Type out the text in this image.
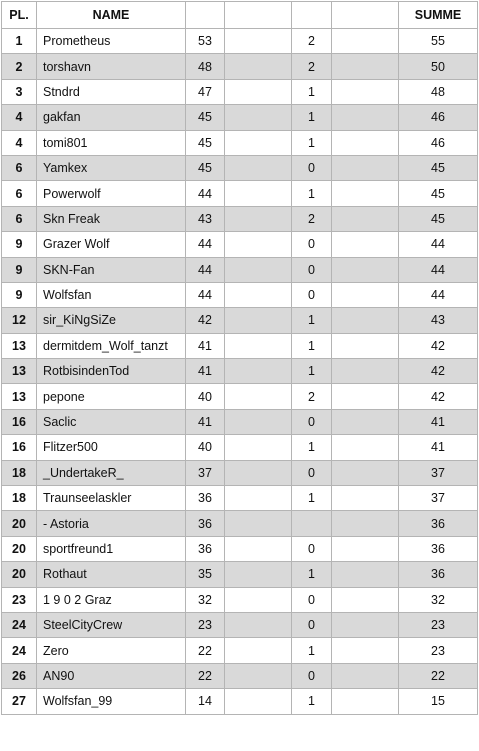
PL.	NAME					SUMME
1	Prometheus	53		2		55
2	torshavn	48		2		50
3	Stndrd	47		1		48
4	gakfan	45		1		46
4	tomi801	45		1		46
6	Yamkex	45		0		45
6	Powerwolf	44		1		45
6	Skn Freak	43		2		45
9	Grazer Wolf	44		0		44
9	SKN-Fan	44		0		44
9	Wolfsfan	44		0		44
12	sir_KiNgSiZe	42		1		43
13	dermitdem_Wolf_tanzt	41		1		42
13	RotbisindenTod	41		1		42
13	pepone	40		2		42
16	Saclic	41		0		41
16	Flitzer500	40		1		41
18	_UndertakeR_	37		0		37
18	Traunseelaskler	36		1		37
20	- Astoria	36				36
20	sportfreund1	36		0		36
20	Rothaut	35		1		36
23	1 9 0 2 Graz	32		0		32
24	SteelCityCrew	23		0		23
24	Zero	22		1		23
26	AN90	22		0		22
27	Wolfsfan_99	14		1		15
